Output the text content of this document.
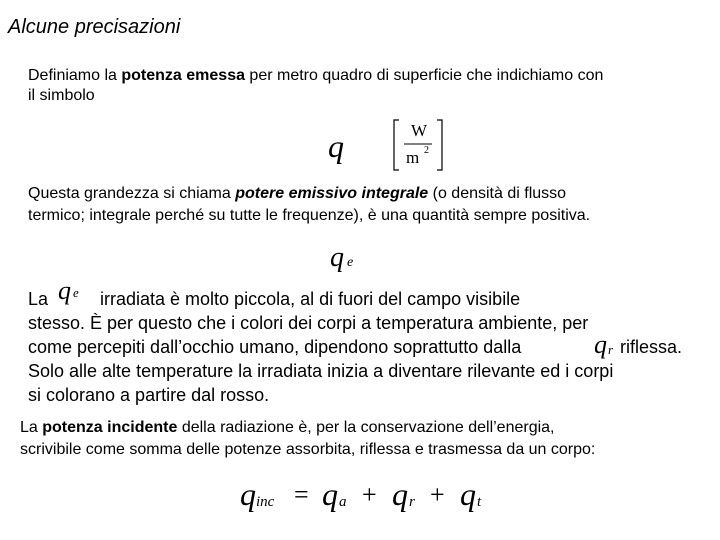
Alcune precisazioni
Definiamo la potenza emessa per metro quadro di superficie che indichiamo con
il simbolo
q	W
m 2
Questa grandezza si chiama potere emissivo integrale (o densità di flusso
termico; integrale perché su tutte le frequenze), è una quantità sempre positiva.
q e
La q e irradiata è molto piccola, al di fuori del campo visibile
stesso. È per questo che i colori dei corpi a temperatura ambiente, per
come percepiti dall’occhio umano, dipendono soprattutto dalla	q r riflessa.
Solo alle alte temperature la irradiata inizia a diventare rilevante ed i corpi
si colorano a partire dal rosso.
La potenza incidente della radiazione è, per la conservazione dell’energia,
scrivibile come somma delle potenze assorbita, riflessa e trasmessa da un corpo:
q inc = q a + q r + q t
